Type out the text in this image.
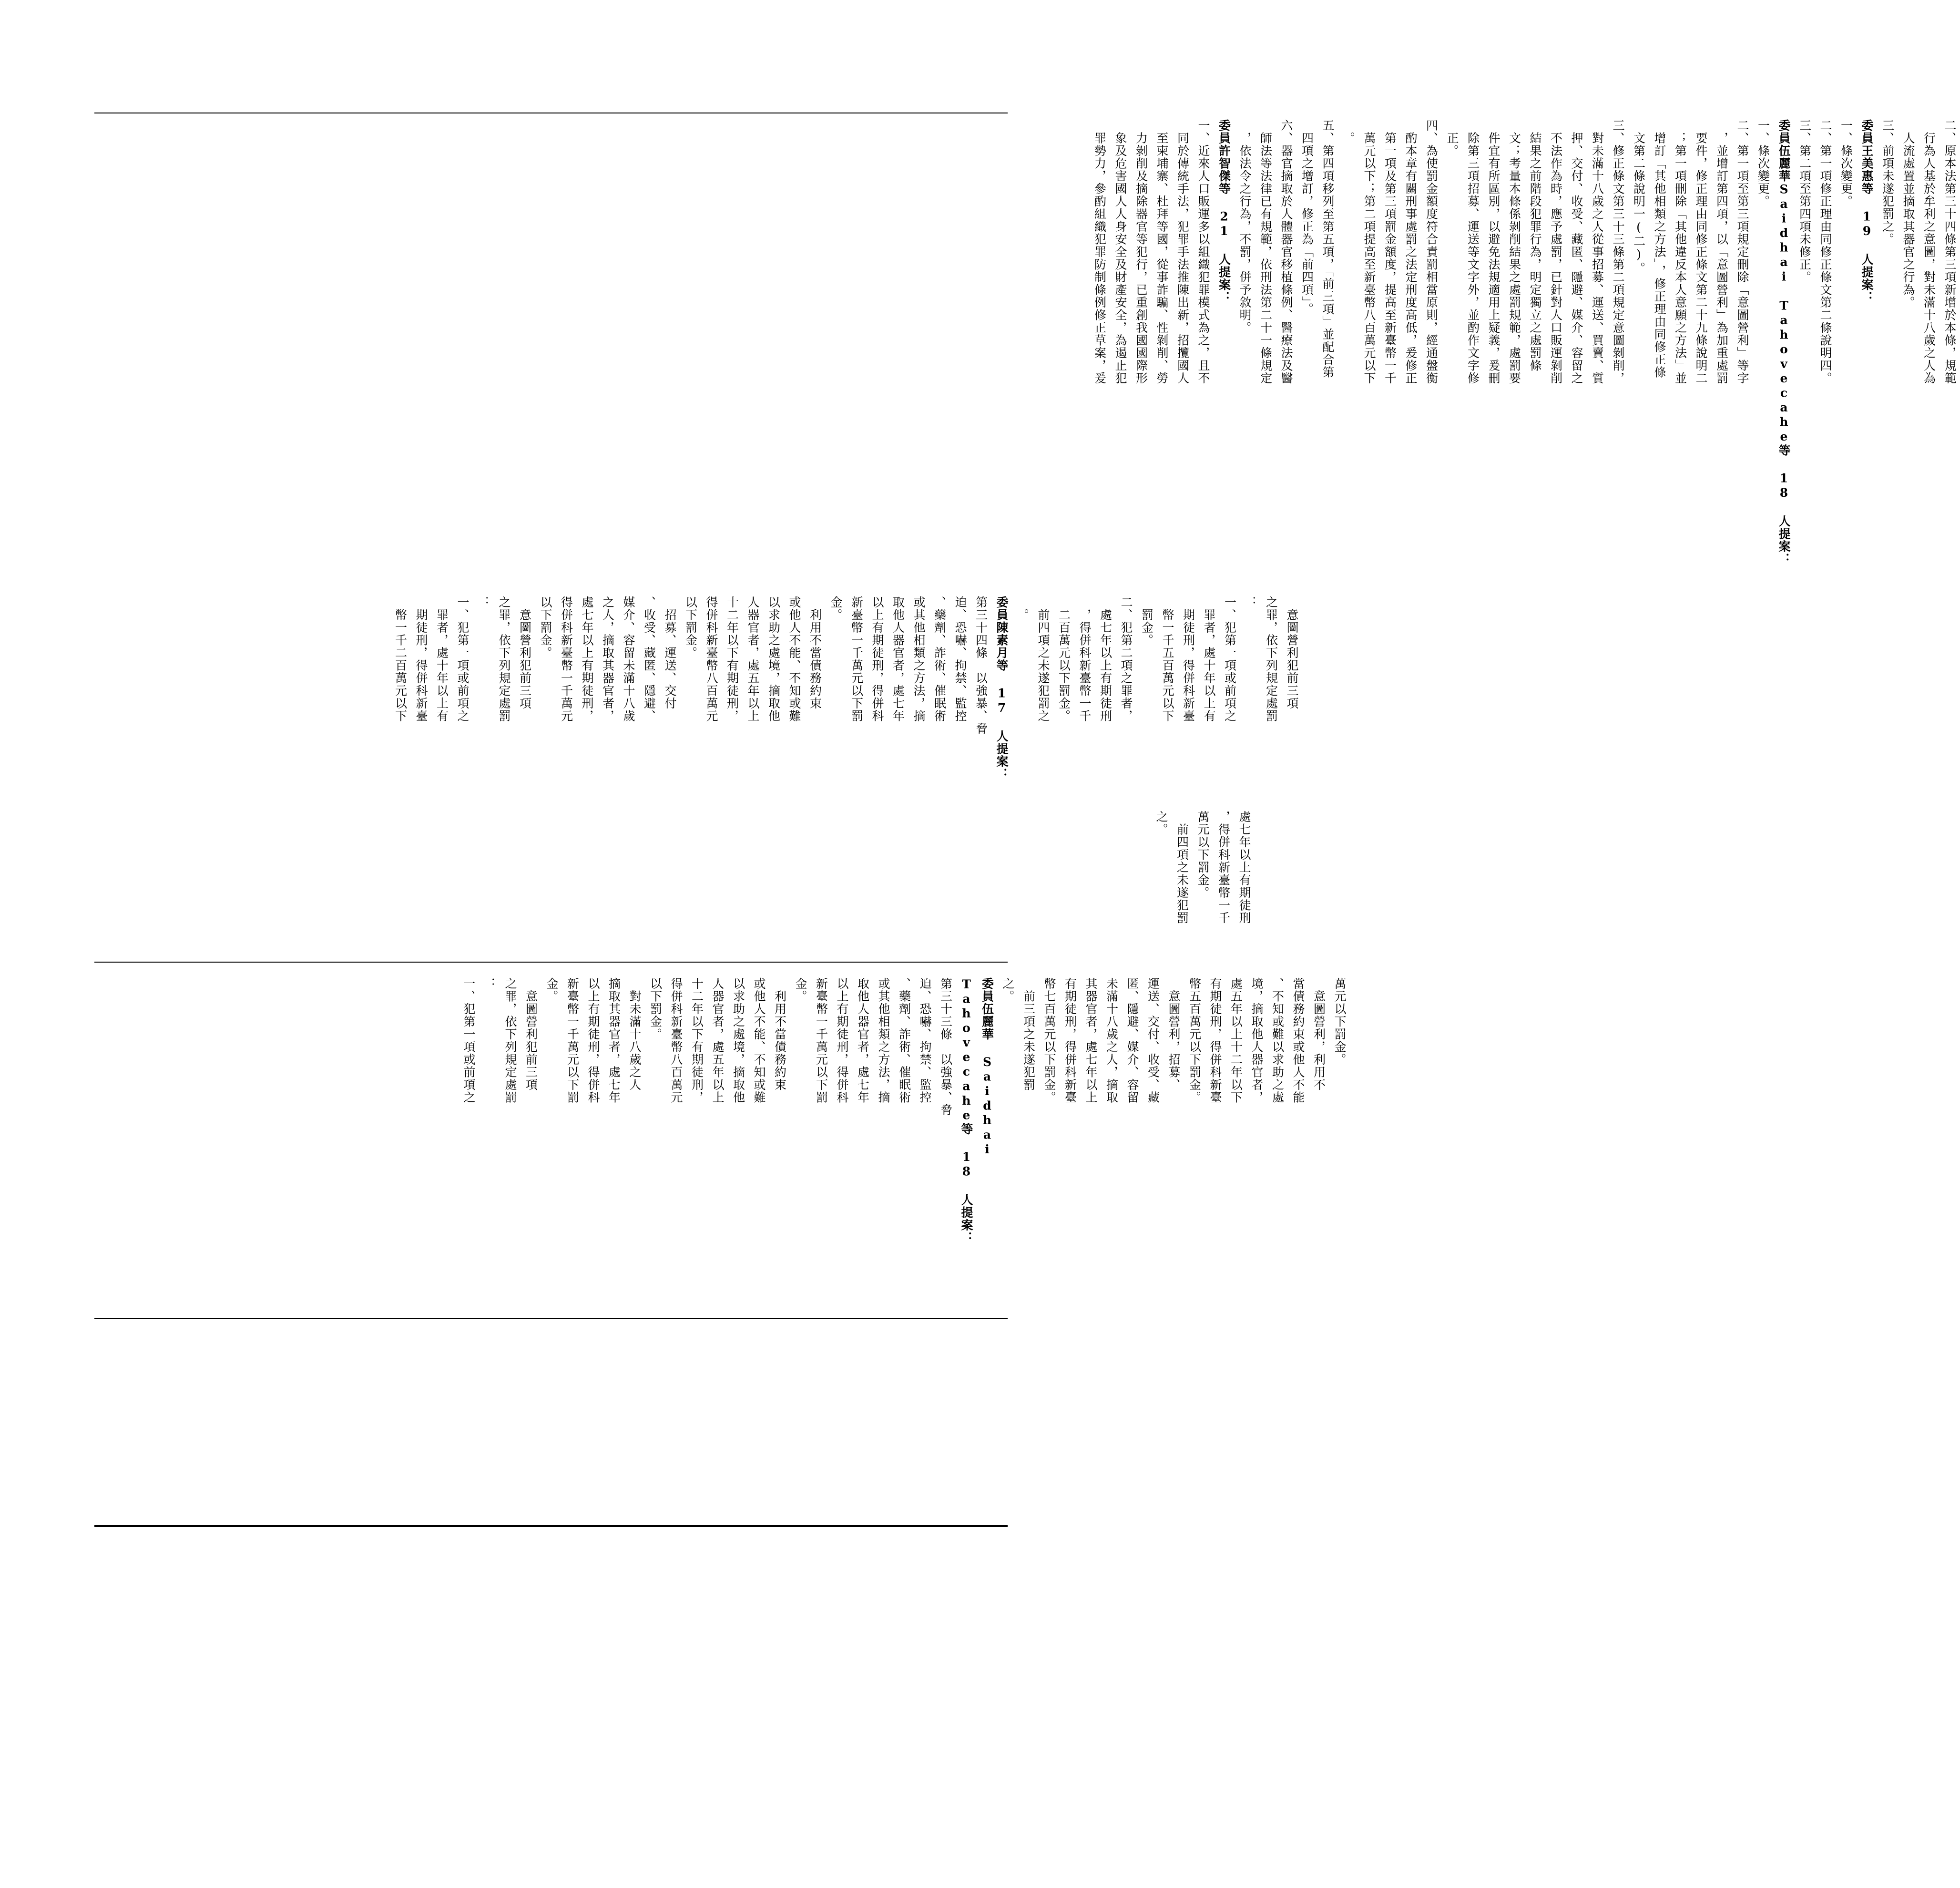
二、原本法第三十四條第三項新增於本條，規範
　行為人基於牟利之意圖，對未滿十八歲之人為
　人流處置並摘取其器官之行為。
三、前項未遂犯罰之。
委員王美惠等 19 人提案：
一、條次變更。
二、第一項修正理由同修正條文第二條說明四。
三、第二項至第四項未修正。
委員伍麗華Saidhai Tahovecahe等 18 人提案：
一、條次變更。
二、第一項至第三項規定刪除「意圖營利」等字
　，並增訂第四項，以「意圖營利」為加重處罰
　要件，修正理由同修正條文第二十九條說明二
　；第一項刪除「其他違反本人意願之方法」並
　增訂「其他相類之方法」，修正理由同修正條
　文第二條說明一(二)。
三、修正條文第三十三條第二項規定意圖剝削，
　對未滿十八歲之人從事招募、運送、買賣、質
　押、交付、收受、藏匿、隱避、媒介、容留之
　不法作為時，應予處罰，已針對人口販運剝削
　結果之前階段犯罪行為，明定獨立之處罰條
　文；考量本條係剝削結果之處罰規範，處罰要
　件宜有所區別，以避免法規適用上疑義，爰刪
　除第三項招募、運送等文字外，並酌作文字修
　正。
四、為使罰金額度符合責罰相當原則，經通盤衡
　酌本章有關刑事處罰之法定刑度高低，爰修正
　第一項及第三項罰金額度，提高至新臺幣一千
　萬元以下；第二項提高至新臺幣八百萬元以下
　。
五、第四項移列至第五項，「前三項」並配合第
　四項之增訂，修正為「前四項」。
六、器官摘取於人體器官移植條例、醫療法及醫
　師法等法律已有規範，依刑法第二十一條規定
　，依法令之行為，不罰，併予敘明。
委員許智傑等 21 人提案：
一、近來人口販運多以組織犯罪模式為之，且不
　同於傳統手法，犯罪手法推陳出新，招攬國人
　至柬埔寨、杜拜等國，從事詐騙、性剝削、勞
　力剝削及摘除器官等犯行，已重創我國國際形
　象及危害國人人身安全及財產安全，為遏止犯
　罪勢力，參酌組織犯罪防制條例修正草案，爰
　意圖營利犯前三項
之罪，依下列規定處罰
：
一、犯第一項或前項之
　罪者，處十年以上有
　期徒刑，得併科新臺
　幣一千五百萬元以下
　罰金。
二、犯第二項之罪者，
　處七年以上有期徒刑
　，得併科新臺幣一千
　二百萬元以下罰金。
　前四項之未遂犯罰之
　。
委員陳素月等 17 人提案：
第三十四條　以強暴、脅
迫、恐嚇、拘禁、監控
、藥劑、詐術、催眠術
或其他相類之方法，摘
取他人器官者，處七年
以上有期徒刑，得併科
新臺幣一千萬元以下罰
金。
　利用不當債務約束
或他人不能、不知或難
以求助之處境，摘取他
人器官者，處五年以上
十二年以下有期徒刑，
得併科新臺幣八百萬元
以下罰金。
　招募、運送、交付
、收受、藏匿、隱避、
媒介、容留未滿十八歲
之人，摘取其器官者，
處七年以上有期徒刑，
得併科新臺幣一千萬元
以下罰金。
　意圖營利犯前三項
之罪，依下列規定處罰
：
一、犯第一項或前項之
　罪者，處十年以上有
　期徒刑，得併科新臺
　幣一千二百萬元以下
處七年以上有期徒刑
，得併科新臺幣一千
萬元以下罰金。
　前四項之未遂犯罰
之。
萬元以下罰金。
　意圖營利，利用不
當債務約束或他人不能
、不知或難以求助之處
境，摘取他人器官者，
處五年以上十二年以下
有期徒刑，得併科新臺
幣五百萬元以下罰金。
　意圖營利，招募、
運送、交付、收受、藏
匿、隱避、媒介、容留
未滿十八歲之人，摘取
其器官者，處七年以上
有期徒刑，得併科新臺
幣七百萬元以下罰金。
　前三項之未遂犯罰
之。
委員伍麗華 Saidhai
Tahovecahe等 18 人提案：
第三十三條　以強暴、脅
迫、恐嚇、拘禁、監控
、藥劑、詐術、催眠術
或其他相類之方法，摘
取他人器官者，處七年
以上有期徒刑，得併科
新臺幣一千萬元以下罰
金。
　利用不當債務約束
或他人不能、不知或難
以求助之處境，摘取他
人器官者，處五年以上
十二年以下有期徒刑，
得併科新臺幣八百萬元
以下罰金。
　對未滿十八歲之人
摘取其器官者，處七年
以上有期徒刑，得併科
新臺幣一千萬元以下罰
金。
　意圖營利犯前三項
之罪，依下列規定處罰
：
一、犯第一項或前項之
